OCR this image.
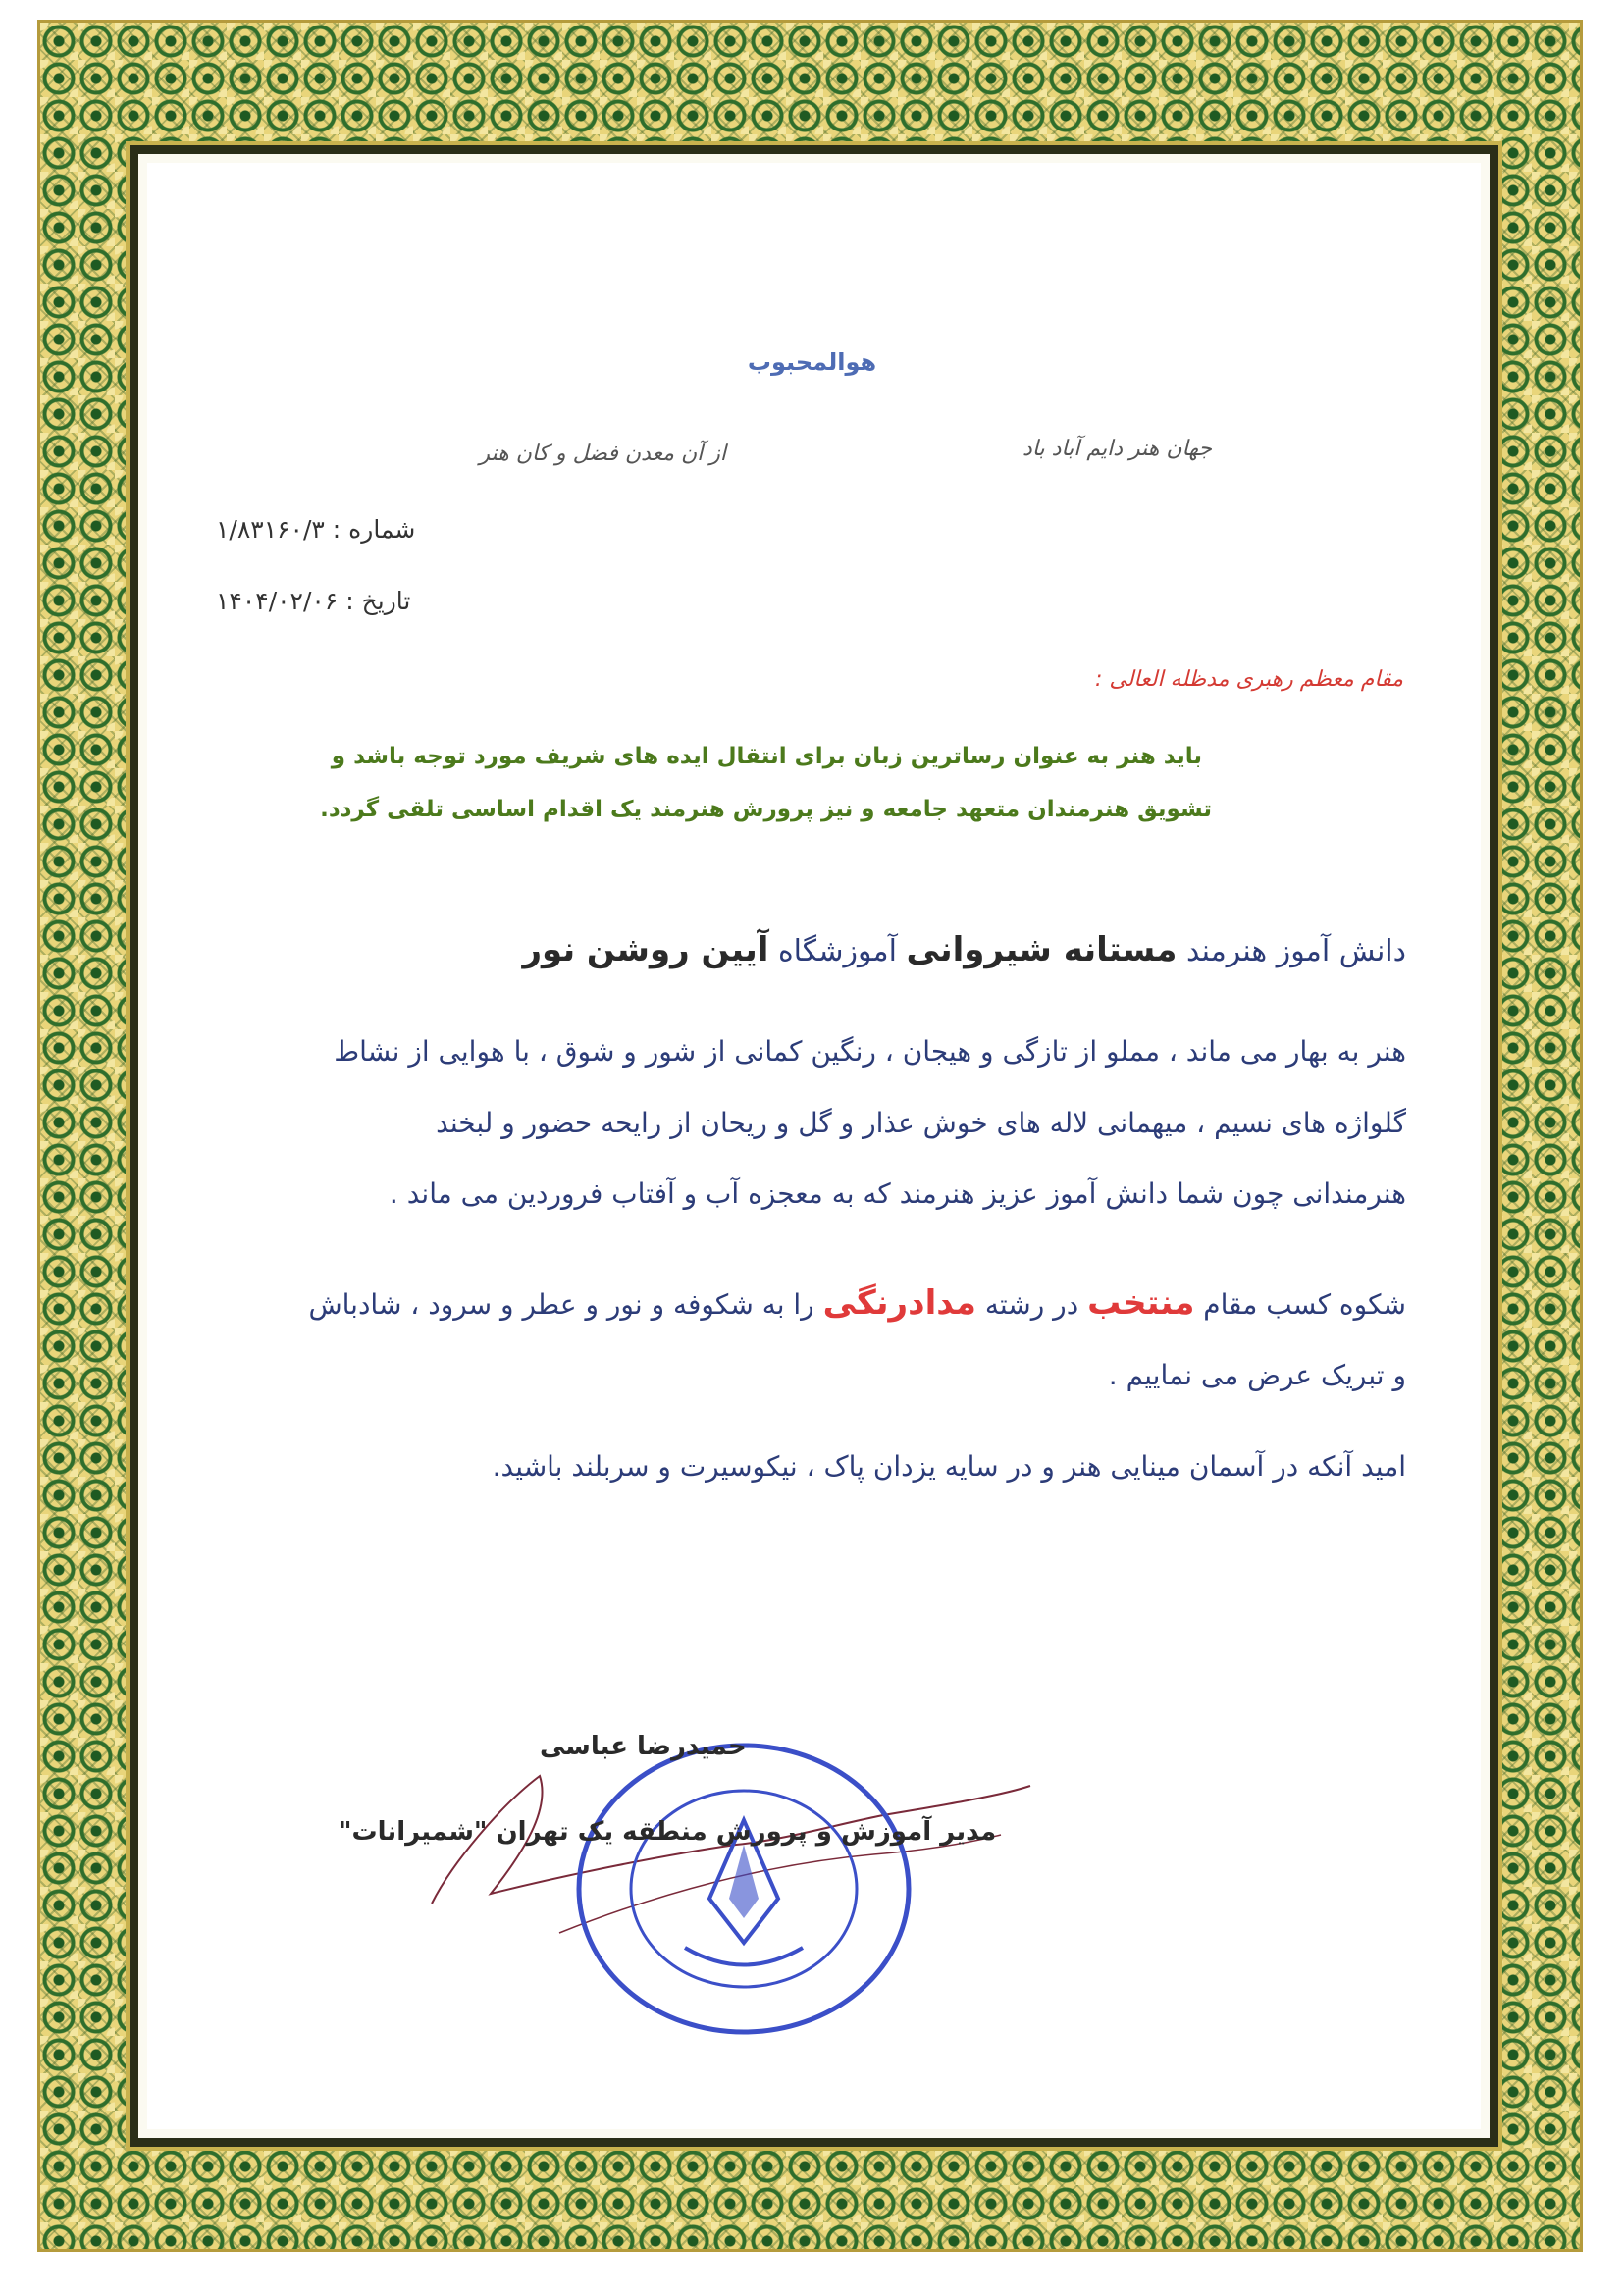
هوالمحبوب
جهان هنر دایم آباد باد
از آن معدن فضل و کان هنر
شماره : ۱/۸۳۱۶۰/۳
تاریخ : ۱۴۰۴/۰۲/۰۶
مقام معظم رهبری مدظله العالی :
باید هنر به عنوان رساترین زبان برای انتقال ایده های شریف مورد توجه باشد و
تشویق هنرمندان متعهد جامعه و نیز پرورش هنرمند یک اقدام اساسی تلقی گردد.
دانش آموز هنرمند مستانه شیروانی آموزشگاه آیین روشن نور
هنر به بهار می ماند ، مملو از تازگی و هیجان ، رنگین کمانی از شور و شوق ، با هوایی از نشاط
گلواژه های نسیم ، میهمانی لاله های خوش عذار و گل و ریحان از رایحه حضور و لبخند
هنرمندانی چون شما دانش آموز عزیز هنرمند که به معجزه آب و آفتاب فروردین می ماند .
شکوه کسب مقام منتخب در رشته مدادرنگی را به شکوفه و نور و عطر و سرود ، شادباش
و تبریک عرض می نماییم .
امید آنکه در آسمان مینایی هنر و در سایه یزدان پاک ، نیکوسیرت و سربلند باشید.
حمیدرضا عباسی
مدیر آموزش و پرورش منطقه یک تهران "شمیرانات"
